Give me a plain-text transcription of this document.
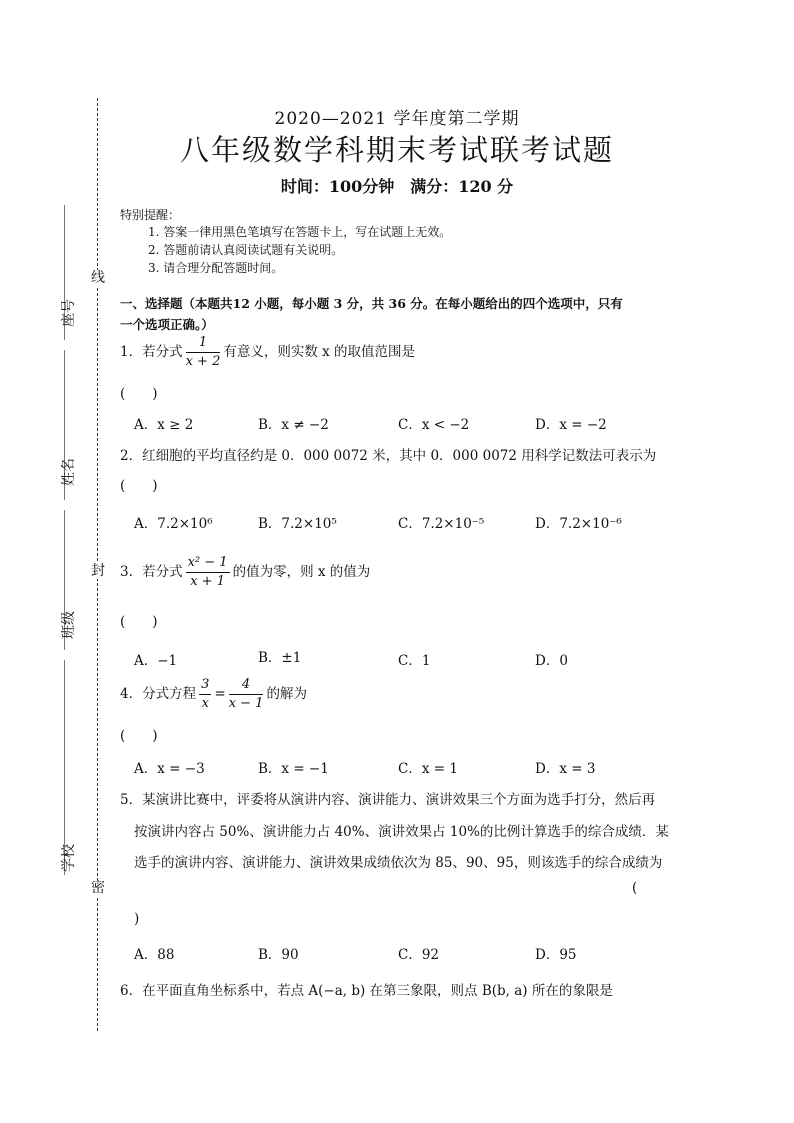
线
封
密
座号
姓名
班级
学校
2020—2021 学年度第二学期
八年级数学科期末考试联考试题
时间：100分钟　满分：120 分
特别提醒：
1. 答案一律用黑色笔填写在答题卡上，写在试题上无效。
2. 答题前请认真阅读试题有关说明。
3. 请合理分配答题时间。
一、选择题（本题共12 小题，每小题 3 分，共 36 分。在每小题给出的四个选项中，只有
一个选项正确。）
1．若分式 $\frac{1}{x + 2}$ 有意义，则实数 x 的取值范围是
(　　)
A．x ≥ 2	B．x ≠ −2	C．x < −2	D．x = −2
2．红细胞的平均直径约是 0．000 0072 米，其中 0．000 0072 用科学记数法可表示为
(　　)
A．7.2×10⁶	B．7.2×10⁵	C．7.2×10⁻⁵	D．7.2×10⁻⁶
3．若分式 $\frac{\text{x² − 1}}{x + 1}$ 的值为零，则 x 的值为
(　　)
A．−1	B．±1	C．1	D．0
4．分式方程 $\frac{3}{x} = \frac{4}{x - 1}$ 的解为
(　　)
A．x = −3	B．x = −1	C．x = 1	D．x = 3
5．某演讲比赛中，评委将从演讲内容、演讲能力、演讲效果三个方面为选手打分，然后再
按演讲内容占 50%、演讲能力占 40%、演讲效果占 10%的比例计算选手的综合成绩．某
选手的演讲内容、演讲能力、演讲效果成绩依次为 85、90、95，则该选手的综合成绩为
(
)
A．88	B．90	C．92	D．95
6．在平面直角坐标系中，若点 A(−a, b) 在第三象限，则点 B(b, a) 所在的象限是
